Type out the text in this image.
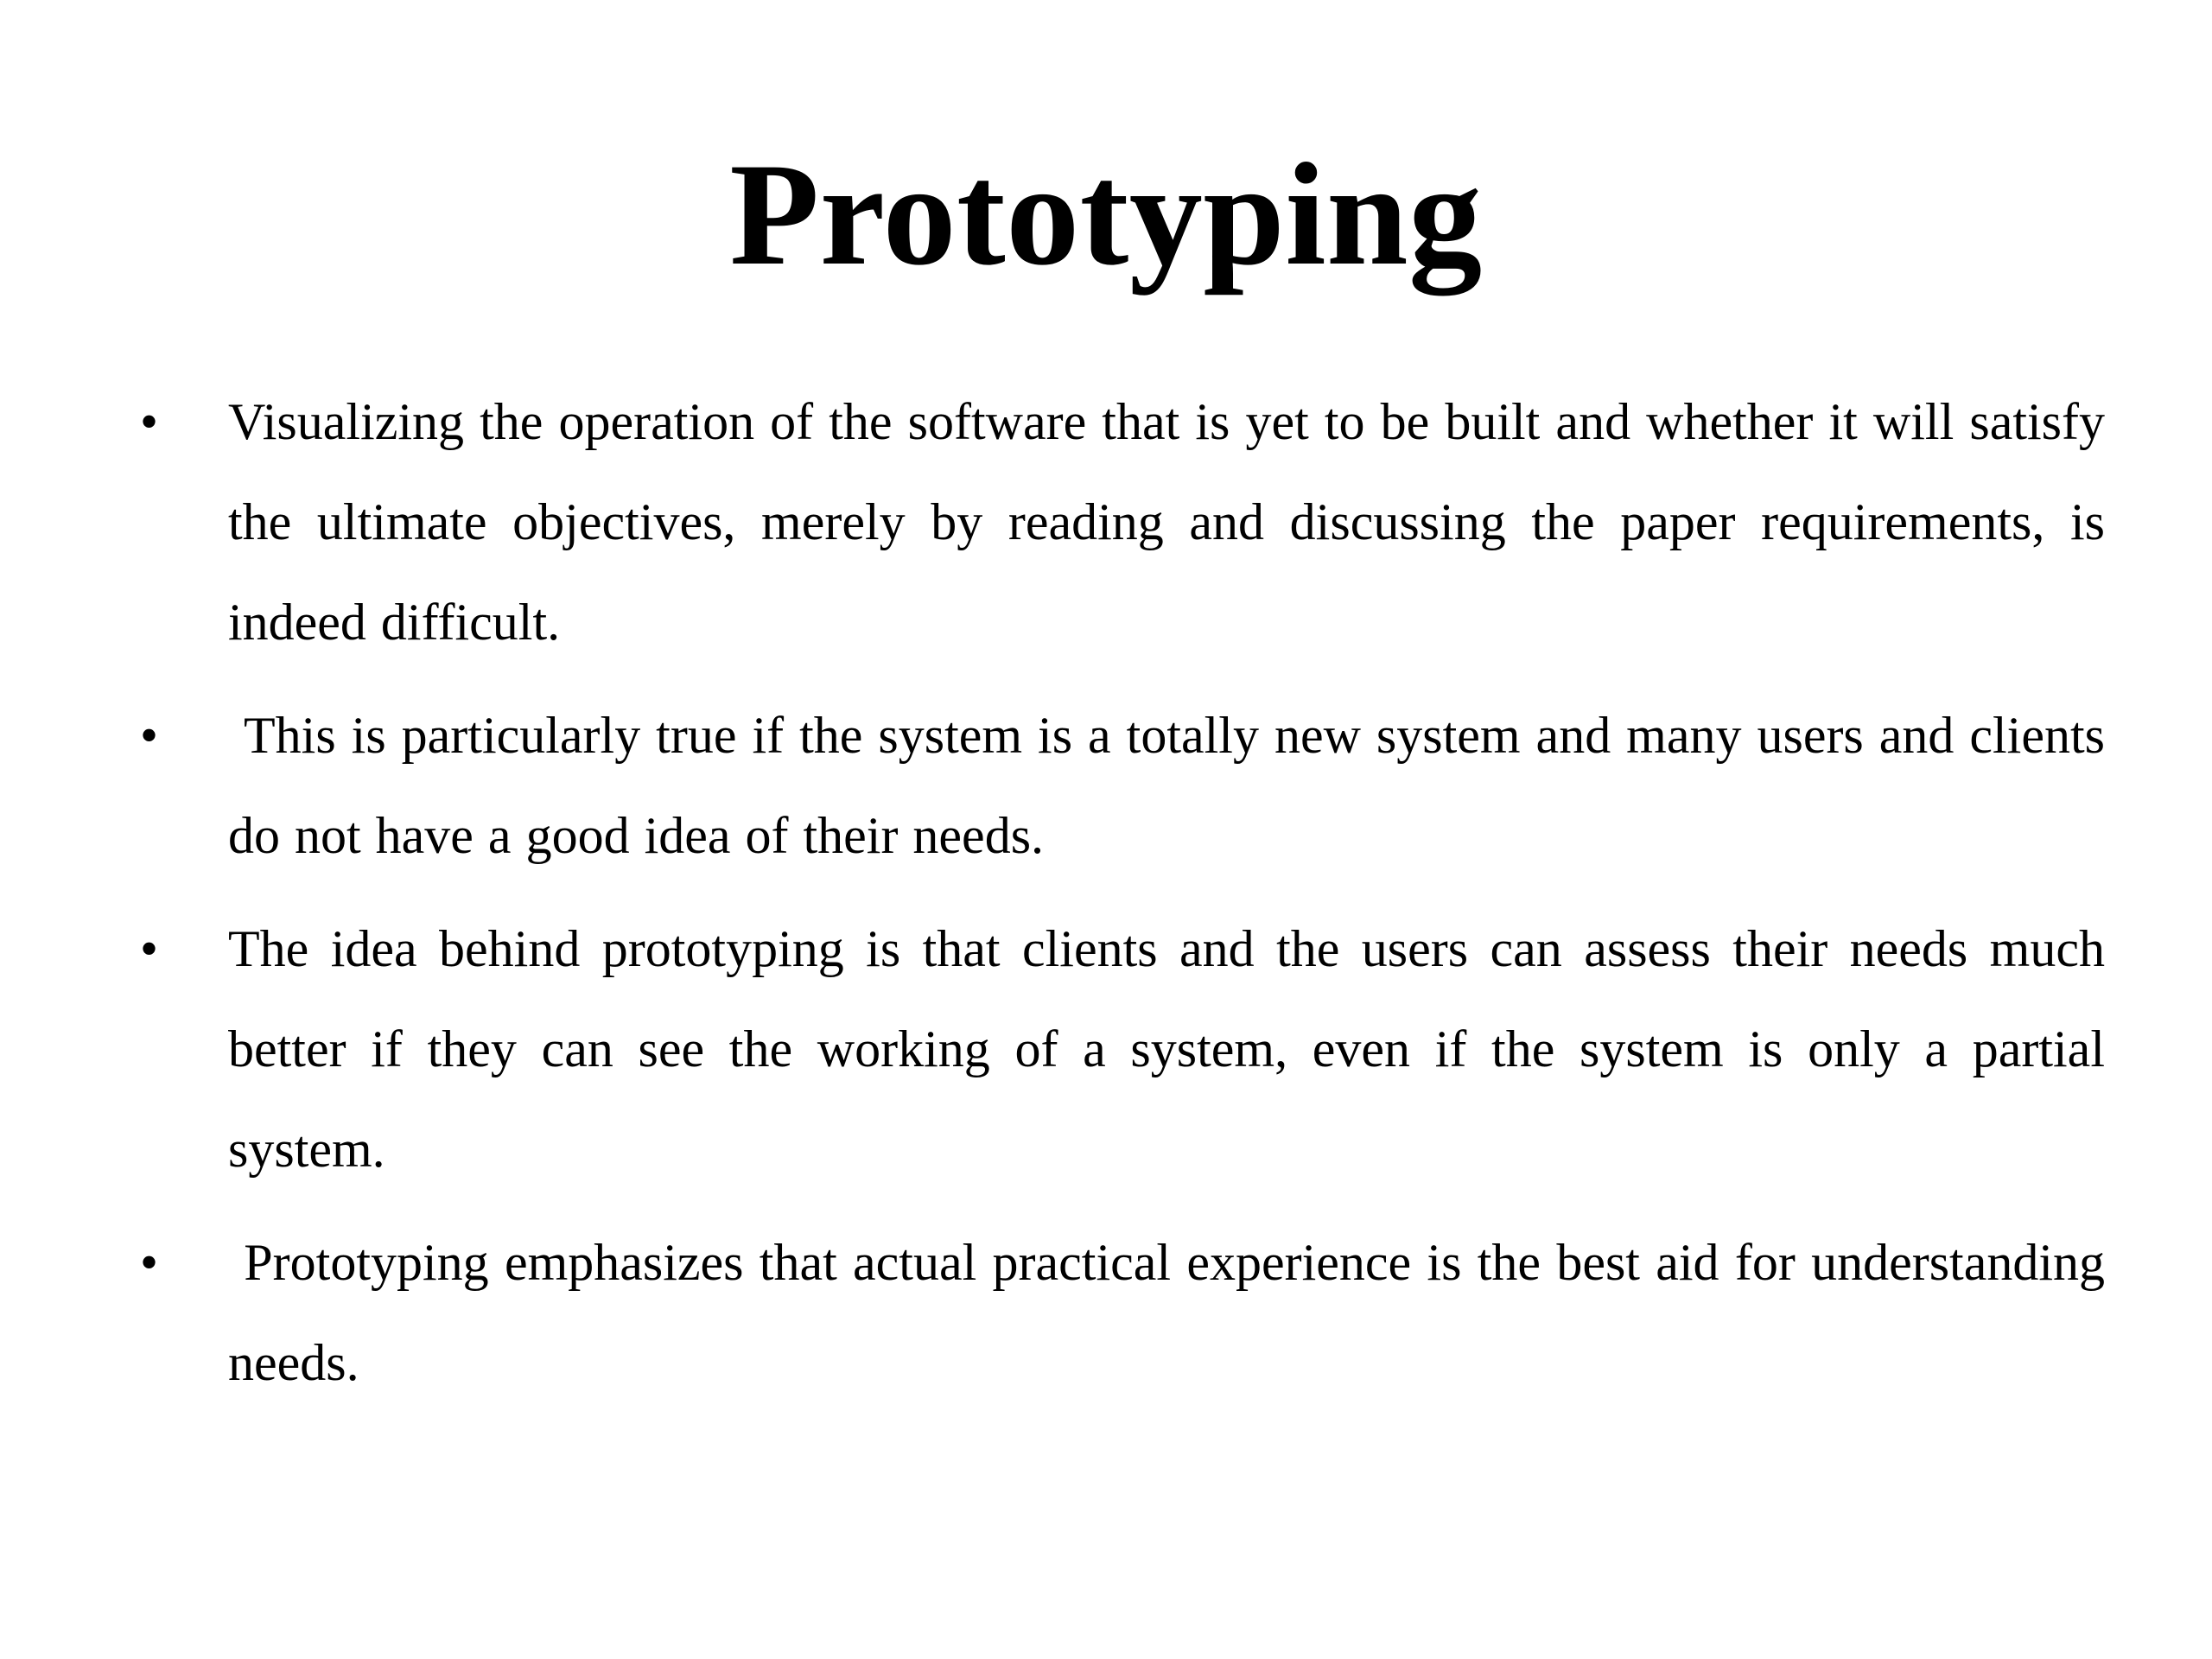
Prototyping
•	Visualizing the operation of the software that is yet to be built and whether it will satisfy the ultimate objectives, merely by reading and discussing the paper requirements, is indeed difficult.
•	This is particularly true if the system is a totally new system and many users and clients do not have a good idea of their needs.
•	The idea behind prototyping is that clients and the users can assess their needs much better if they can see the working of a system, even if the system is only a partial system.
•	Prototyping emphasizes that actual practical experience is the best aid for understanding needs.
